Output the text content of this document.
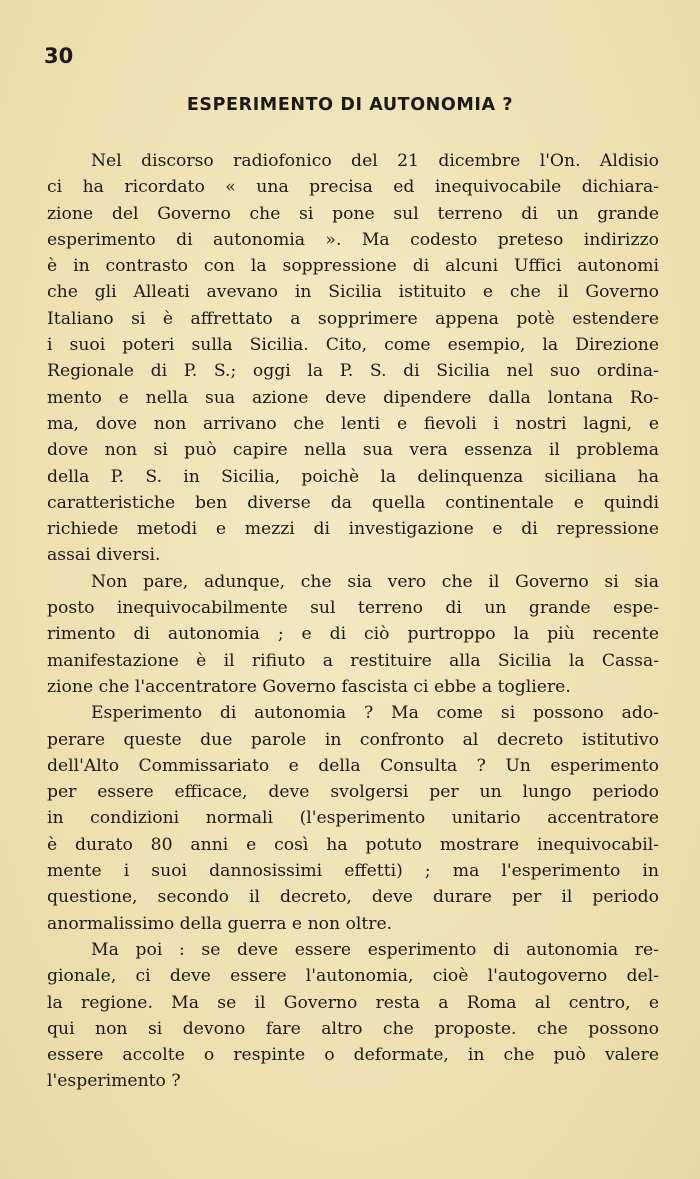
30
ESPERIMENTO DI AUTONOMIA ?
Nel discorso radiofonico del 21 dicembre l'On. Aldisio
ci ha ricordato « una precisa ed inequivocabile dichiara-
zione del Governo che si pone sul terreno di un grande
esperimento di autonomia ». Ma codesto preteso indirizzo
è in contrasto con la soppressione di alcuni Uffici autonomi
che gli Alleati avevano in Sicilia istituito e che il Governo
Italiano si è affrettato a sopprimere appena potè estendere
i suoi poteri sulla Sicilia. Cito, come esempio, la Direzione
Regionale di P. S.; oggi la P. S. di Sicilia nel suo ordina-
mento e nella sua azione deve dipendere dalla lontana Ro-
ma, dove non arrivano che lenti e fievoli i nostri lagni, e
dove non si può capire nella sua vera essenza il problema
della P. S. in Sicilia, poichè la delinquenza siciliana ha
caratteristiche ben diverse da quella continentale e quindi
richiede metodi e mezzi di investigazione e di repressione
assai diversi.
Non pare, adunque, che sia vero che il Governo si sia
posto inequivocabilmente sul terreno di un grande espe-
rimento di autonomia ; e di ciò purtroppo la più recente
manifestazione è il rifiuto a restituire alla Sicilia la Cassa-
zione che l'accentratore Governo fascista ci ebbe a togliere.
Esperimento di autonomia ? Ma come si possono ado-
perare queste due parole in confronto al decreto istitutivo
dell'Alto Commissariato e della Consulta ? Un esperimento
per essere efficace, deve svolgersi per un lungo periodo
in condizioni normali (l'esperimento unitario accentratore
è durato 80 anni e così ha potuto mostrare inequivocabil-
mente i suoi dannosissimi effetti) ; ma l'esperimento in
questione, secondo il decreto, deve durare per il periodo
anormalissimo della guerra e non oltre.
Ma poi : se deve essere esperimento di autonomia re-
gionale, ci deve essere l'autonomia, cioè l'autogoverno del-
la regione. Ma se il Governo resta a Roma al centro, e
qui non si devono fare altro che proposte. che possono
essere accolte o respinte o deformate, in che può valere
l'esperimento ?
